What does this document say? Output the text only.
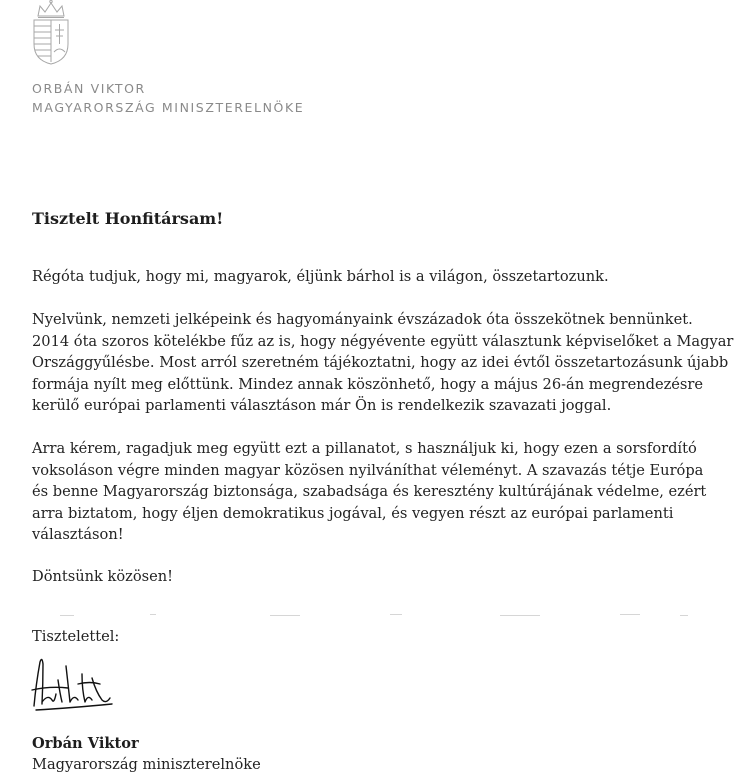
ORBÁN VIKTOR
MAGYARORSZÁG MINISZTERELNÖKE
Tisztelt Honfitársam!
Régóta tudjuk, hogy mi, magyarok, éljünk bárhol is a világon, összetartozunk.
Nyelvünk, nemzeti jelképeink és hagyományaink évszázadok óta összekötnek bennünket.
2014 óta szoros kötelékbe fűz az is, hogy négyévente együtt választunk képviselőket a Magyar
Országgyűlésbe. Most arról szeretném tájékoztatni, hogy az idei évtől összetartozásunk újabb
formája nyílt meg előttünk. Mindez annak köszönhető, hogy a május 26-án megrendezésre
kerülő európai parlamenti választáson már Ön is rendelkezik szavazati joggal.
Arra kérem, ragadjuk meg együtt ezt a pillanatot, s használjuk ki, hogy ezen a sorsfordító
voksoláson végre minden magyar közösen nyilváníthat véleményt. A szavazás tétje Európa
és benne Magyarország biztonsága, szabadsága és keresztény kultúrájának védelme, ezért
arra biztatom, hogy éljen demokratikus jogával, és vegyen részt az európai parlamenti
választáson!
Döntsünk közösen!
Tisztelettel:
Orbán Viktor
Magyarország miniszterelnöke
